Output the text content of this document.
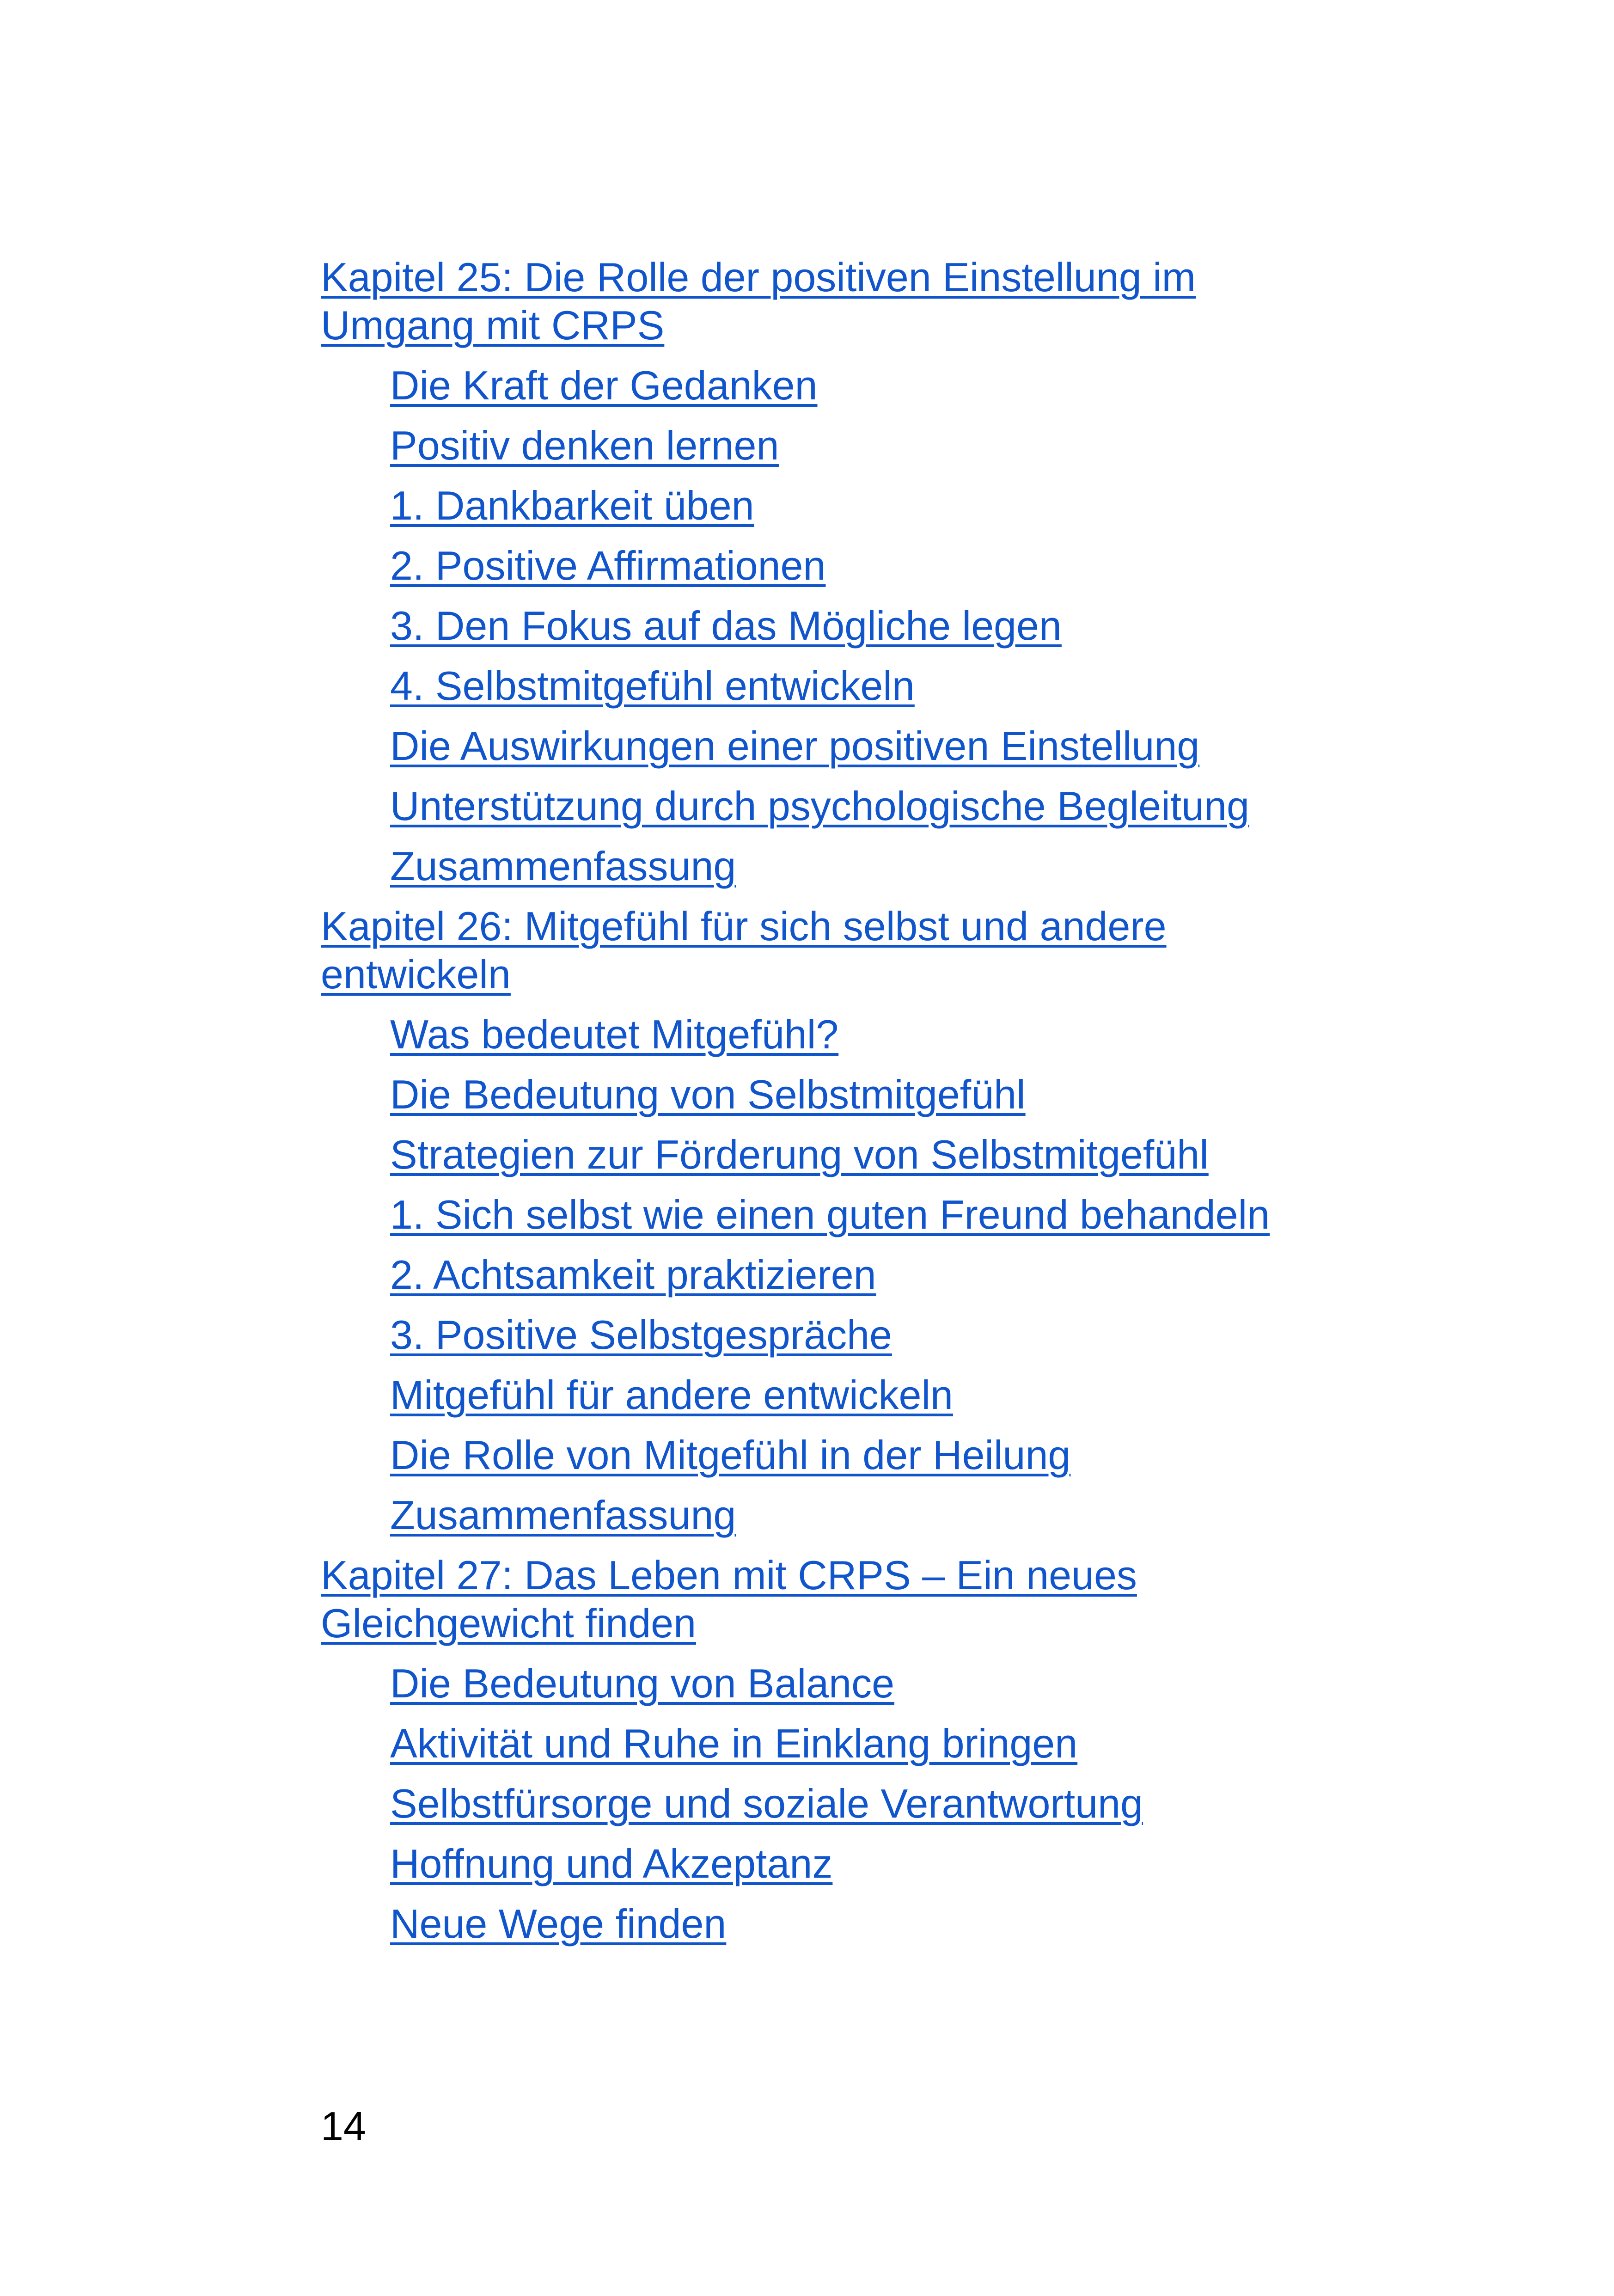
Kapitel 25: Die Rolle der positiven Einstellung im Umgang mit CRPS
Die Kraft der Gedanken
Positiv denken lernen
1. Dankbarkeit üben
2. Positive Affirmationen
3. Den Fokus auf das Mögliche legen
4. Selbstmitgefühl entwickeln
Die Auswirkungen einer positiven Einstellung
Unterstützung durch psychologische Begleitung
Zusammenfassung
Kapitel 26: Mitgefühl für sich selbst und andere entwickeln
Was bedeutet Mitgefühl?
Die Bedeutung von Selbstmitgefühl
Strategien zur Förderung von Selbstmitgefühl
1. Sich selbst wie einen guten Freund behandeln
2. Achtsamkeit praktizieren
3. Positive Selbstgespräche
Mitgefühl für andere entwickeln
Die Rolle von Mitgefühl in der Heilung
Zusammenfassung
Kapitel 27: Das Leben mit CRPS – Ein neues Gleichgewicht finden
Die Bedeutung von Balance
Aktivität und Ruhe in Einklang bringen
Selbstfürsorge und soziale Verantwortung
Hoffnung und Akzeptanz
Neue Wege finden
14
